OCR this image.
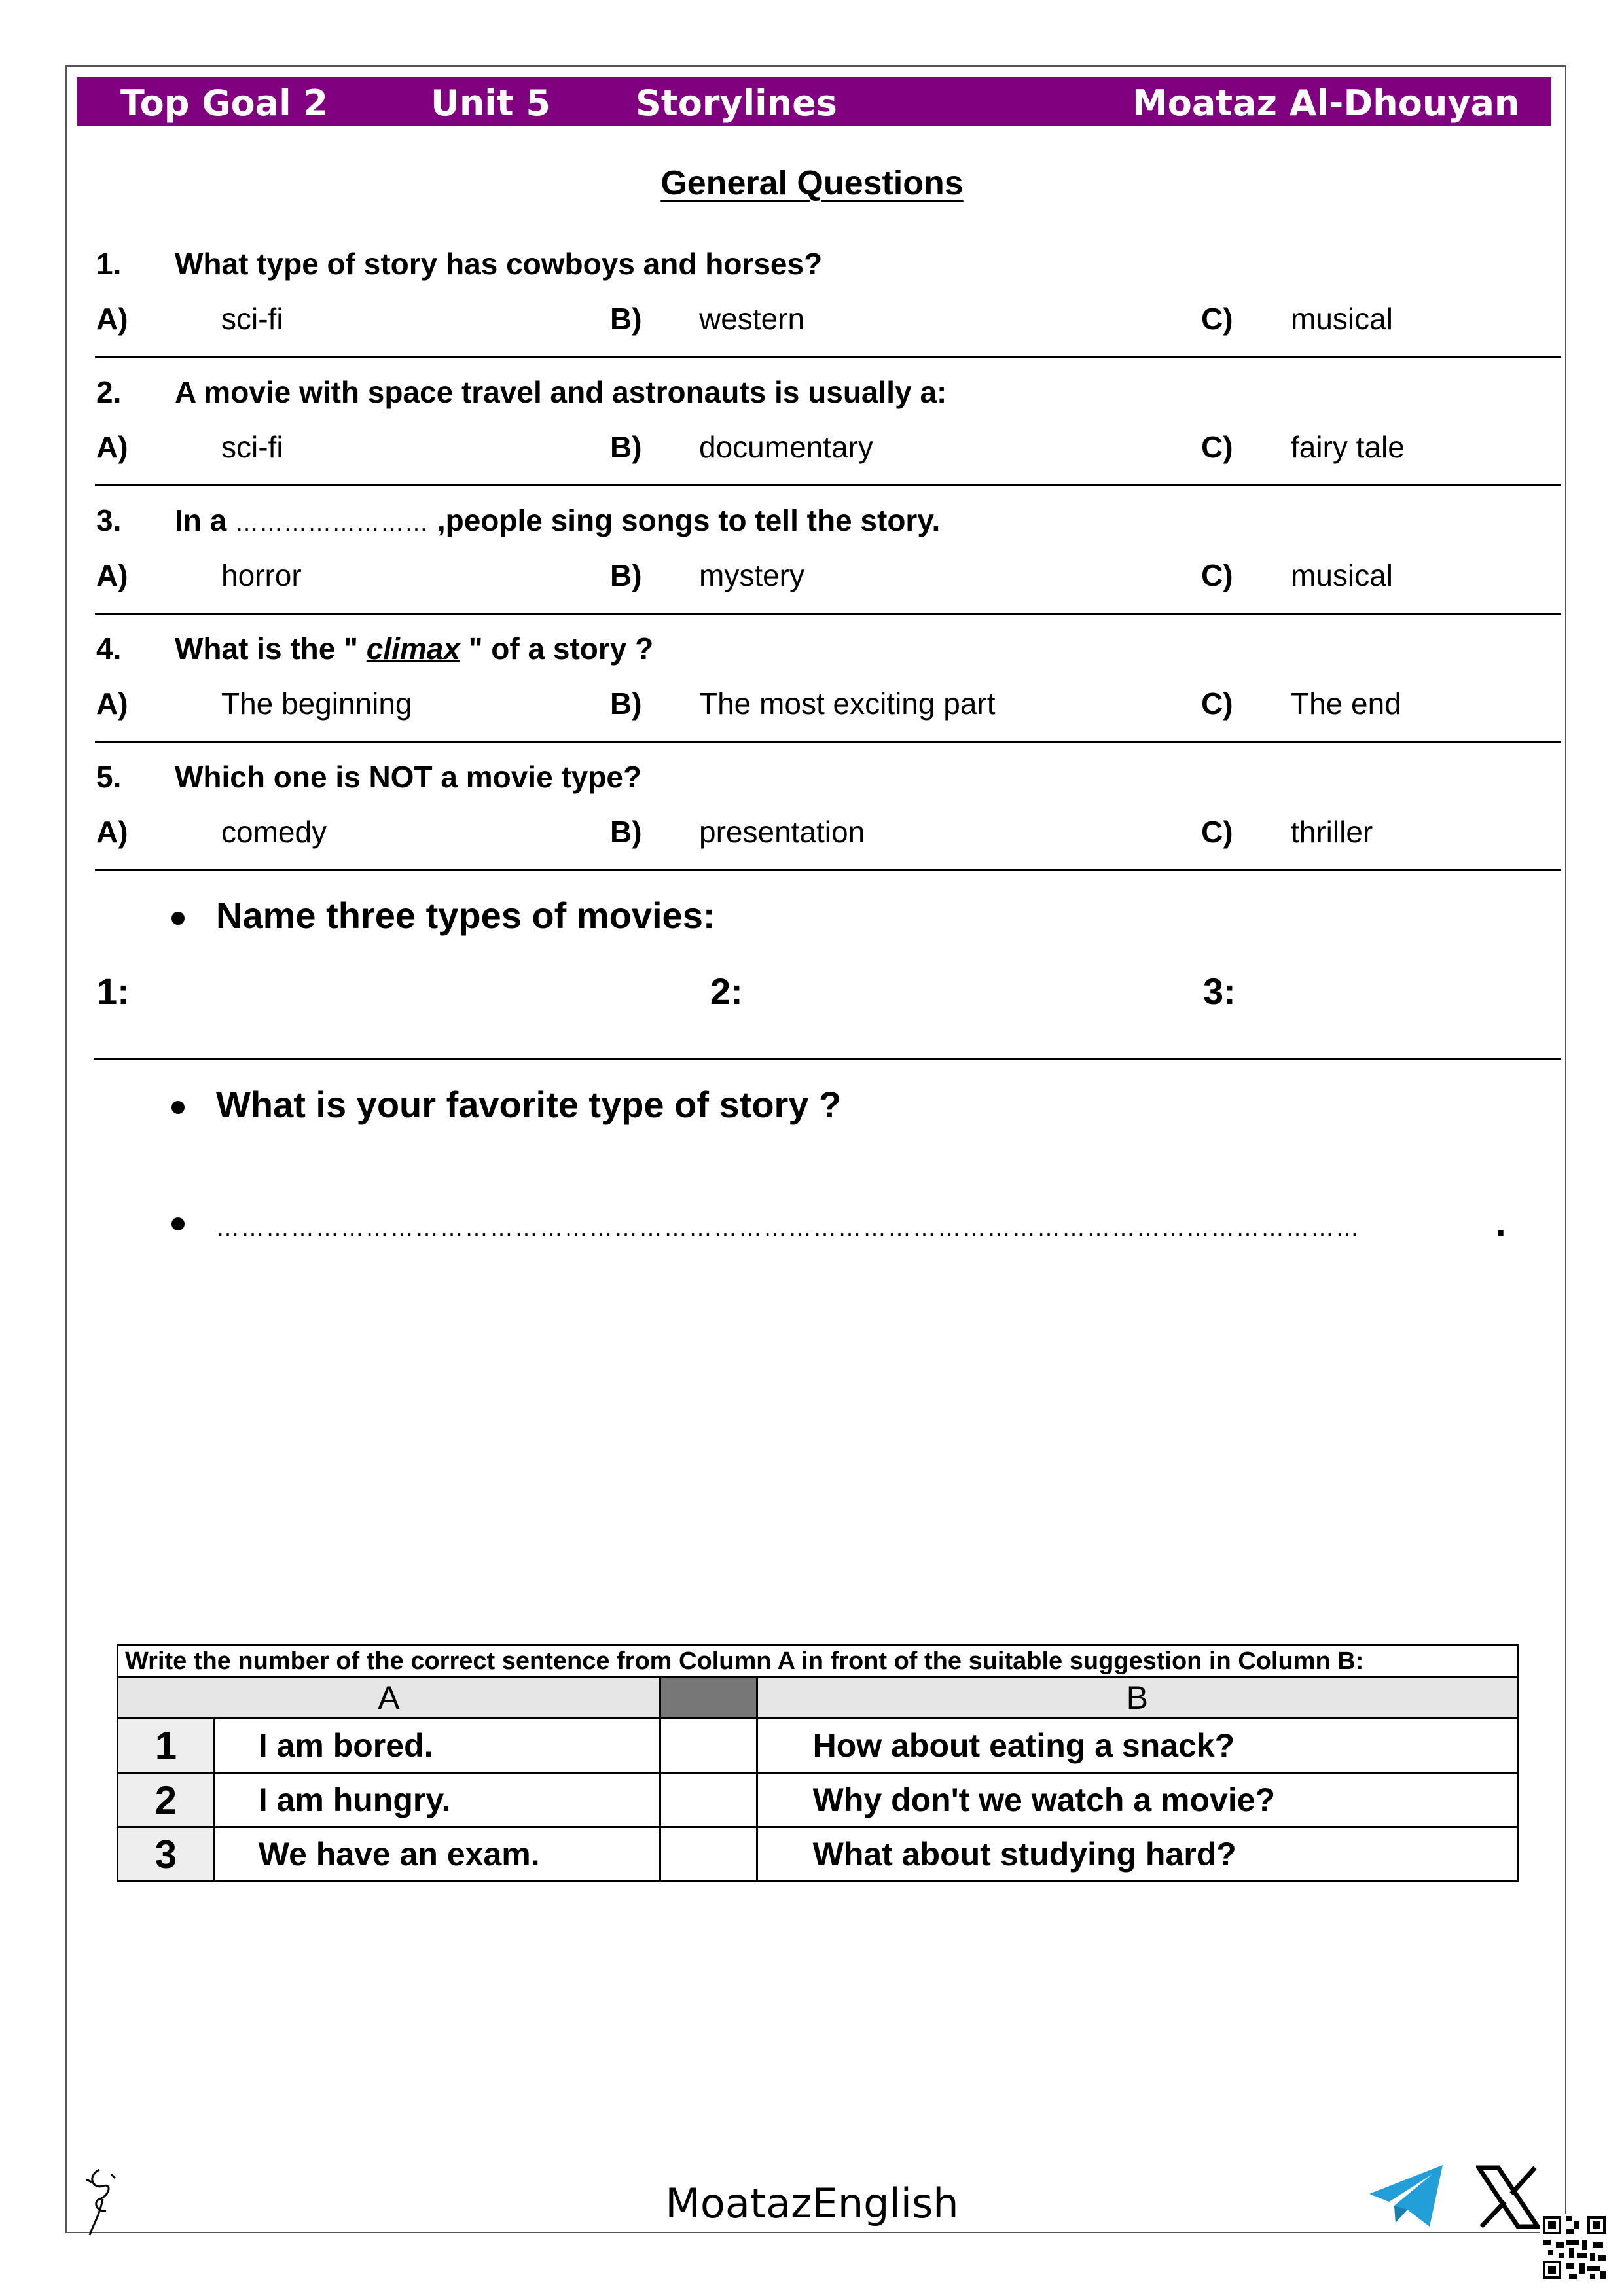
Top Goal 2	Unit 5 Storylines	Moataz Al-Dhouyan
General Questions
1. What type of story has cowboys and horses?
A)	sci-fi	B) western	C) musical
2. A movie with space travel and astronauts is usually a:
A)	sci-fi	B) documentary	C) fairy tale
3. In a …………………… ,people sing songs to tell the story.
A)	horror	B) mystery	C) musical
4. What is the " climax " of a story ?
A)	The beginning	B) The most exciting part	C) The end
5. Which one is NOT a movie type?
A)	comedy	B) presentation	C) thriller
Name three types of movies:
1:	2:	3:
What is your favorite type of story ?
…………………………………………………………………………………………………………………………	.
Write the number of the correct sentence from Column A in front of the suitable suggestion in Column B:			
A			B
1	I am bored.		How about eating a snack?
2	I am hungry.		Why don't we watch a movie?
3	We have an exam.		What about studying hard?
MoatazEnglish
